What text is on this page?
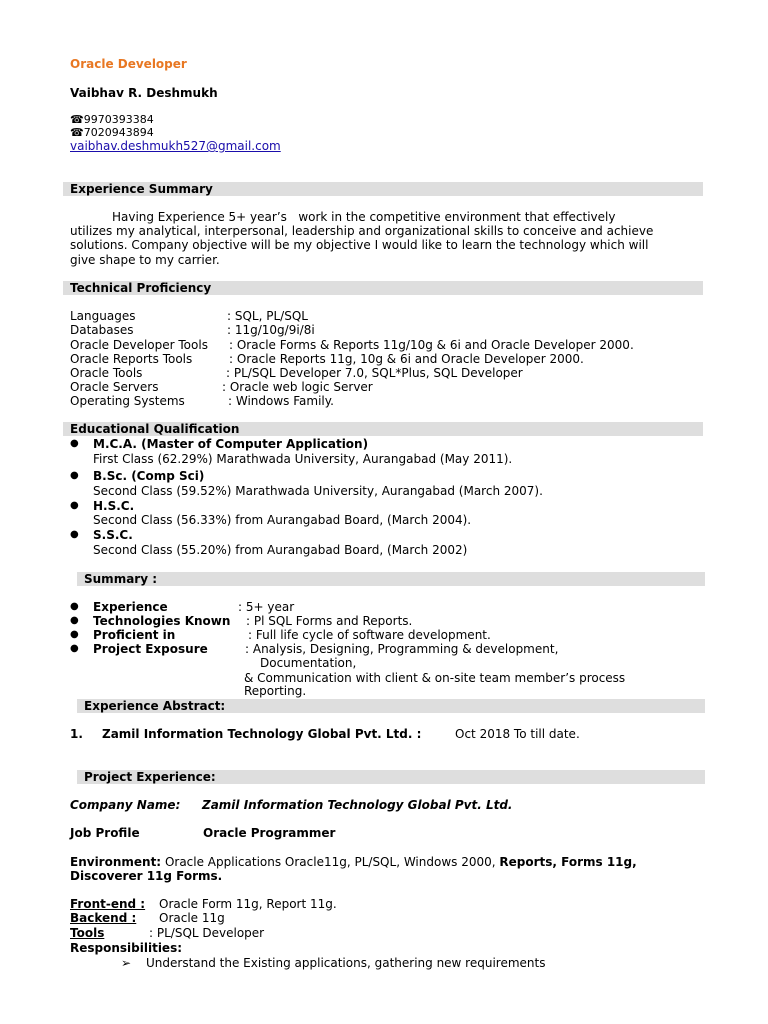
Oracle Developer
Vaibhav R. Deshmukh
☎9970393384
☎7020943894
vaibhav.deshmukh527@gmail.com
Experience Summary
Having Experience 5+ year’s   work in the competitive environment that effectively
utilizes my analytical, interpersonal, leadership and organizational skills to conceive and achieve
solutions. Company objective will be my objective I would like to learn the technology which will
give shape to my carrier.
Technical Proficiency
Languages	: SQL, PL/SQL
Databases	: 11g/10g/9i/8i
Oracle Developer Tools : Oracle Forms & Reports 11g/10g & 6i and Oracle Developer 2000.
Oracle Reports Tools	: Oracle Reports 11g, 10g & 6i and Oracle Developer 2000.
Oracle Tools	: PL/SQL Developer 7.0, SQL*Plus, SQL Developer
Oracle Servers	: Oracle web logic Server
Operating Systems	: Windows Family.
Educational Qualification
● M.C.A. (Master of Computer Application)
First Class (62.29%) Marathwada University, Aurangabad (May 2011).
● B.Sc. (Comp Sci)
Second Class (59.52%) Marathwada University, Aurangabad (March 2007).
● H.S.C.
Second Class (56.33%) from Aurangabad Board, (March 2004).
● S.S.C.
Second Class (55.20%) from Aurangabad Board, (March 2002)
Summary :
● Experience	: 5+ year
● Technologies Known : Pl SQL Forms and Reports.
● Proficient in	: Full life cycle of software development.
● Project Exposure	: Analysis, Designing, Programming & development,
Documentation,
& Communication with client & on-site team member’s process
Reporting.
Experience Abstract:
1. Zamil Information Technology Global Pvt. Ltd. :	Oct 2018 To till date.
Project Experience:
Company Name: Zamil Information Technology Global Pvt. Ltd.
Job Profile	Oracle Programmer
Environment: Oracle Applications Oracle11g, PL/SQL, Windows 2000, Reports, Forms 11g,
Discoverer 11g Forms.
Front-end : Oracle Form 11g, Report 11g.
Backend : Oracle 11g
Tools	: PL/SQL Developer
Responsibilities:
➢ Understand the Existing applications, gathering new requirements
